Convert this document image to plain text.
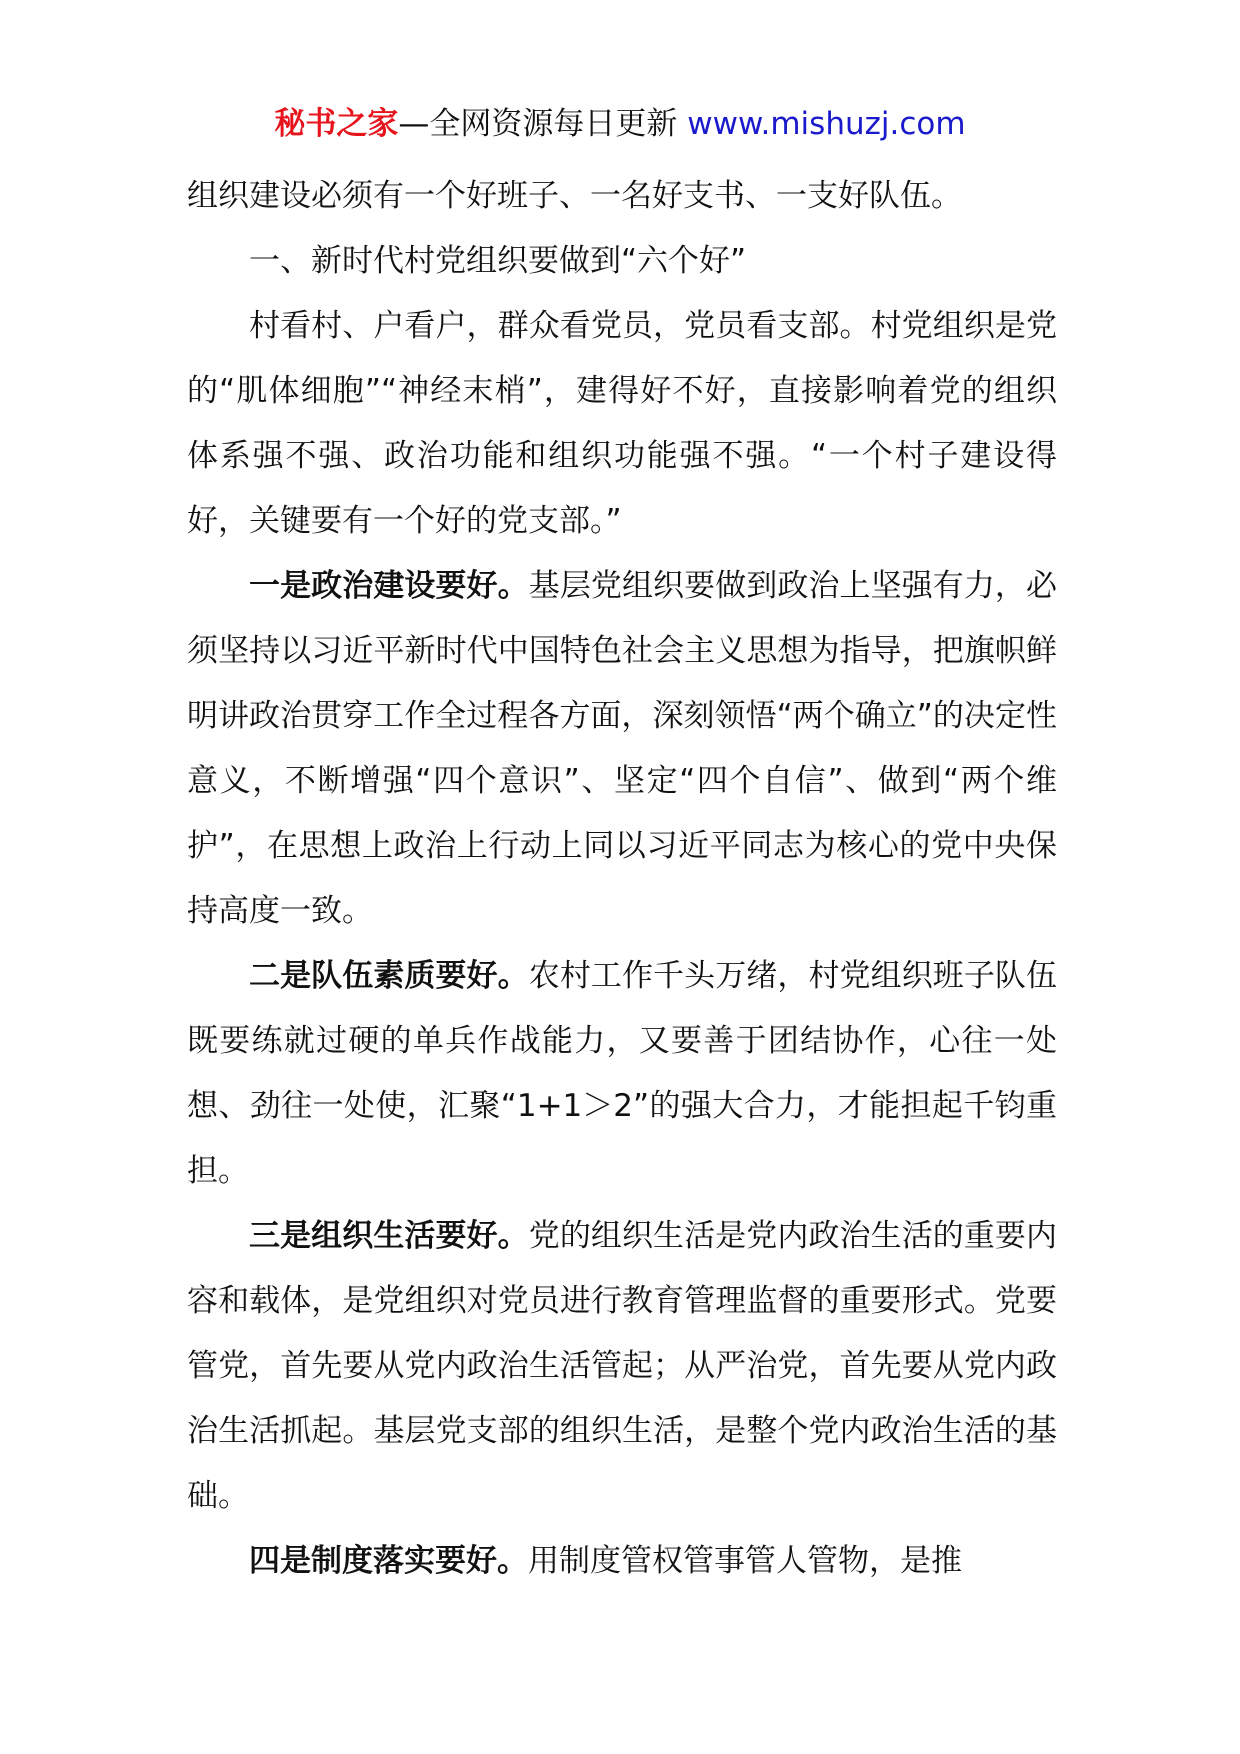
秘书之家—全网资源每日更新 www.mishuzj.com

组织建设必须有一个好班子、一名好支书、一支好队伍。

一、新时代村党组织要做到“六个好”

村看村、户看户，群众看党员，党员看支部。村党组织是党的“肌体细胞”“神经末梢”，建得好不好，直接影响着党的组织体系强不强、政治功能和组织功能强不强。“一个村子建设得好，关键要有一个好的党支部。”

一是政治建设要好。基层党组织要做到政治上坚强有力，必须坚持以习近平新时代中国特色社会主义思想为指导，把旗帜鲜明讲政治贯穿工作全过程各方面，深刻领悟“两个确立”的决定性意义，不断增强“四个意识”、坚定“四个自信”、做到“两个维护”，在思想上政治上行动上同以习近平同志为核心的党中央保持高度一致。

二是队伍素质要好。农村工作千头万绪，村党组织班子队伍既要练就过硬的单兵作战能力，又要善于团结协作，心往一处想、劲往一处使，汇聚“1+1＞2”的强大合力，才能担起千钧重担。

三是组织生活要好。党的组织生活是党内政治生活的重要内容和载体，是党组织对党员进行教育管理监督的重要形式。党要管党，首先要从党内政治生活管起；从严治党，首先要从党内政治生活抓起。基层党支部的组织生活，是整个党内政治生活的基础。

四是制度落实要好。用制度管权管事管人管物，是推
